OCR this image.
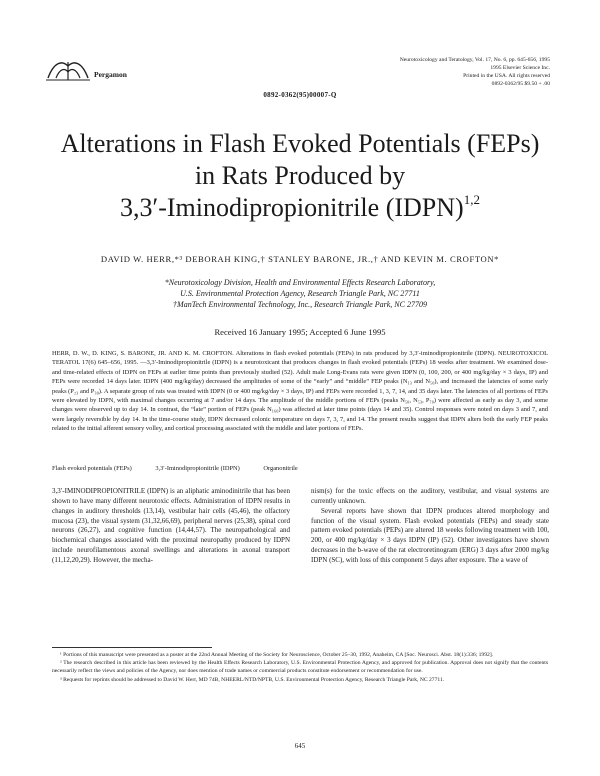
Pergamon
Neurotoxicology and Teratology, Vol. 17, No. 6, pp. 645-656, 1995
1995 Elsevier Science Inc.
Printed in the USA. All rights reserved
0892-0362/95 $9.50 + .00
0892-0362(95)00007-Q
Alterations in Flash Evoked Potentials (FEPs)
in Rats Produced by
3,3′-Iminodipropionitrile (IDPN)$^{1,2}$
DAVID W. HERR,*³ DEBORAH KING,† STANLEY BARONE, JR.,† AND KEVIN M. CROFTON*
*Neurotoxicology Division, Health and Environmental Effects Research Laboratory,
U.S. Environmental Protection Agency, Research Triangle Park, NC 27711
†ManTech Environmental Technology, Inc., Research Triangle Park, NC 27709
Received 16 January 1995; Accepted 6 June 1995
HERR, D. W., D. KING, S. BARONE, JR. AND K. M. CROFTON. Alterations in flash evoked potentials (FEPs) in rats produced by 3,3′-iminodipropionitrile (IDPN). NEUROTOXICOL TERATOL 17(6) 645–656, 1995. —3,3′-Iminodipropionitrile (IDPN) is a neurotoxicant that produces changes in flash evoked potentials (FEPs) 18 weeks after treatment. We examined dose- and time-related effects of IDPN on FEPs at earlier time points than previously studied (52). Adult male Long-Evans rats were given IDPN (0, 100, 200, or 400 mg/kg/day × 3 days, IP) and FEPs were recorded 14 days later. IDPN (400 mg/kg/day) decreased the amplitudes of some of the “early” and “middle” FEP peaks (N₁₃ and N₅₀), and increased the latencies of some early peaks (P₂₃ and P₃₀). A separate group of rats was treated with IDPN (0 or 400 mg/kg/day × 3 days, IP) and FEPs were recorded 1, 3, 7, 14, and 35 days later. The latencies of all portions of FEPs were elevated by IDPN, with maximal changes occurring at 7 and/or 14 days. The amplitude of the middle portions of FEPs (peaks N₅₀, N₅₃, P₇₀) were affected as early as day 3, and some changes were observed up to day 14. In contrast, the “late” portion of FEPs (peak N₁₆₀) was affected at later time points (days 14 and 35). Control responses were noted on days 3 and 7, and were largely reversible by day 14. In the time-course study, IDPN decreased colonic temperature on days 7, 3, 7, and 14. The present results suggest that IDPN alters both the early FEP peaks related to the initial afferent sensory volley, and cortical processing associated with the middle and later portions of FEPs.
Flash evoked potentials (FEPs)	3,3′-Iminodipropionitrile (IDPN)	Organonitrile

3,3′-IMINODIPROPIONITRILE (IDPN) is an aliphatic aminodinitrile that has been shown to have many different neurotoxic effects. Administration of IDPN results in changes in auditory thresholds (13,14), vestibular hair cells (45,46), the olfactory mucosa (23), the visual system (31,32,66,69), peripheral nerves (25,38), spinal cord neurons (26,27), and cognitive function (14,44,57). The neuropathological and biochemical changes associated with the proximal neuropathy produced by IDPN include neurofilamentous axonal swellings and alterations in axonal transport (11,12,20,29). However, the mecha-

nism(s) for the toxic effects on the auditory, vestibular, and visual systems are currently unknown.

Several reports have shown that IDPN produces altered morphology and function of the visual system. Flash evoked potentials (FEPs) and steady state pattern evoked potentials (PEPs) are altered 18 weeks following treatment with 100, 200, or 400 mg/kg/day × 3 days IDPN (IP) (52). Other investigators have shown decreases in the b-wave of the rat electroretinogram (ERG) 3 days after 2000 mg/kg IDPN (SC), with loss of this component 5 days after exposure. The a wave of

¹ Portions of this manuscript were presented as a poster at the 22nd Annual Meeting of the Society for Neuroscience, October 25–30, 1992, Anaheim, CA [Soc. Neurosci. Abst. 18(1):336; 1992].

² The research described in this article has been reviewed by the Health Effects Research Laboratory, U.S. Environmental Protection Agency, and approved for publication. Approval does not signify that the contents necessarily reflect the views and policies of the Agency, nor does mention of trade names or commercial products constitute endorsement or recommendation for use.

³ Requests for reprints should be addressed to David W. Herr, MD 74B, NHEERL/NTD/NPTB, U.S. Environmental Protection Agency, Research Triangle Park, NC 27711.

645
